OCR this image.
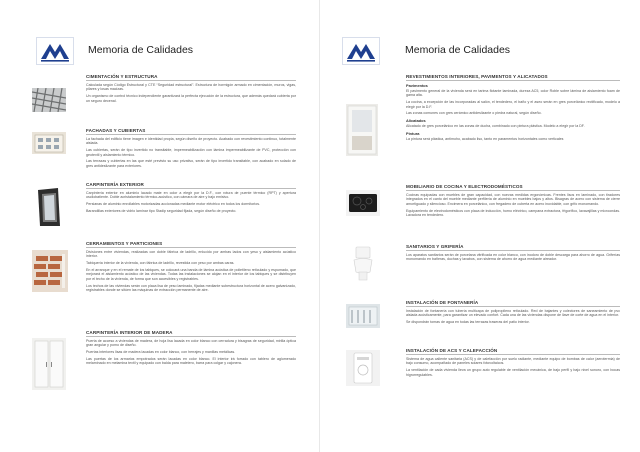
Memoria de Calidades
CIMENTACIÓN Y ESTRUCTURA

Calculada según Código Estructural y CTE “Seguridad estructural”. Estructura de hormigón armado en cimentación, muros, vigas, pilares y losas macizas.

Un organismo de control técnico independiente garantizará la perfecta ejecución de la estructura, que además quedará cubierta por un seguro decenal.

FACHADAS Y CUBIERTAS

La fachada del edificio tiene imagen e identidad propia, según diseño de proyecto. Acabado con revestimiento continuo, totalmente aislada.

Las cubiertas, serán de tipo invertido no transitable, impermeabilización con lámina impermeabilizante de PVC, protección con geotextil y aislamiento térmico.

Las terrazas y cubiertas en las que esté previsto su uso privativo, serán de tipo invertido transitable, con acabado en solado de gres antideslizante para exteriores.

CARPINTERÍA EXTERIOR

Carpintería exterior en aluminio lacado mate en color a elegir por la D.F., con rotura de puente térmico (RPT) y apertura oscilobatiente. Doble acristalamiento térmico-acústico, con cámara de aire y bajo emisivo.

Persianas de aluminio enrollables motorizadas accionadas mediante motor eléctrico en todos los dormitorios.

Barandillas exteriores de vidrio laminar tipo Stadip seguridad fijada, según diseño de proyecto.

CERRAMIENTOS Y PARTICIONES

Divisiones entre viviendas, realizadas con doble fábrica de ladrillo, enlucido por ambas lados con yeso y aislamiento acústico interior.

Tabiquería interior de la vivienda, con fábrica de ladrillo, revestida con yeso por ambas caras.

En el arranque y en el remate de los tabiques, se colocará una banda de lámina acústica de polietileno reticulado y espumado, que mejorará el aislamiento acústico de las viviendas. Todas las instalaciones se alojan en el interior de los tabiques y se distribuyen por el techo de la vivienda, de forma que son accesibles y registrables.

Los techos de las viviendas serán con placa lisa de yeso laminado, fijadas mediante subestructura horizontal de acero galvanizado, registrables donde se sitúen las máquinas de extracción permanente de aire.

CARPINTERÍA INTERIOR DE MADERA

Puerta de acceso a viviendas de madera, de hoja lisa lacada en color blanco con cerradura y bisagras de seguridad, mirilla óptica gran angular y pomo de diseño.

Puertas interiores lisas de madera lacadas en color blanco, con herrajes y manillas metálicas.

Las puertas de los armarios empotrados serán lacadas en color blanco. El interior irá forrado con tablero de aglomerado melaminado en melamina textil y equipado con balda para maletero, barra para colgar y cajonera.

Memoria de Calidades
REVESTIMIENTOS INTERIORES, PAVIMENTOS Y ALICATADOS
Pavimentos

El pavimento general de la vivienda será en tarima flotante laminada, dureza AC5, color Roble sobre lámina de aislamiento foam de gama alta.

La cocina, a excepción de las incorporadas al salón, el tendedero, el baño y el aseo serán en gres porcelánico rectificado, modelo a elegir por la D.F.

Las zonas comunes con gres cerámico antideslizante o piedra natural, según diseño.

Alicatados

Alicatado de gres porcelánico en las zonas de ducha, combinado con pintura plástica. Modelo a elegir por la DF.

Pintura

La pintura será plástica, antimoho, acabado liso, tanto en paramentos horizontales como verticales

MOBILIARIO DE COCINA Y ELECTRODOMÉSTICOS

Cocinas equipadas con muebles de gran capacidad, con nuevas medidas ergonómicas. Frentes lisos en laminado, con tiradores integrados en el canto del mueble mediante perfilería de aluminio en muebles bajos y altos. Bisagras de acero con sistema de cierre amortiguado y silencioso. Encimera en porcelánico, con fregadero de cuberta en acero inoxidable, con grifo monomando.

Equipamiento de electrodomésticos con placa de inducción, horno eléctrico, campana extractora, frigorífico, lavavajillas y microondas. Lavadora en tendedero.

SANITARIOS Y GRIFERÍA

Los aparatos sanitarios serán de porcelana vitrificada en color blanco, con inodoro de doble descarga para ahorro de agua. Griferías monomando en bañeras, duchas y lavabos, con sistema de ahorro de agua mediante aireador.

INSTALACIÓN DE FONTANERÍA

Instalación de fontanería con tubería multicapa de polipropileno reticulado. Red de bajantes y colectores de saneamiento de pvc aislada acústicamente, para garantizar un elevado confort. Cada una de las viviendas dispone de llave de corte de agua en el interior.

Se dispondrán tomas de agua en todas las terrazas traseras del patio interior.

INSTALACIÓN DE ACS Y CALEFACCIÓN

Sistema de agua caliente sanitaria (ACS) y de calefacción por suelo radiante, mediante equipo de bombas de calor (aerotermia) de bajo consumo, acompañado de paneles solares fotovoltaicos.

La ventilación de cada vivienda lleva un grupo auto regulable de ventilación mecánica, de bajo perfil y bajo nivel sonoro, con bocas higrorregulables.
